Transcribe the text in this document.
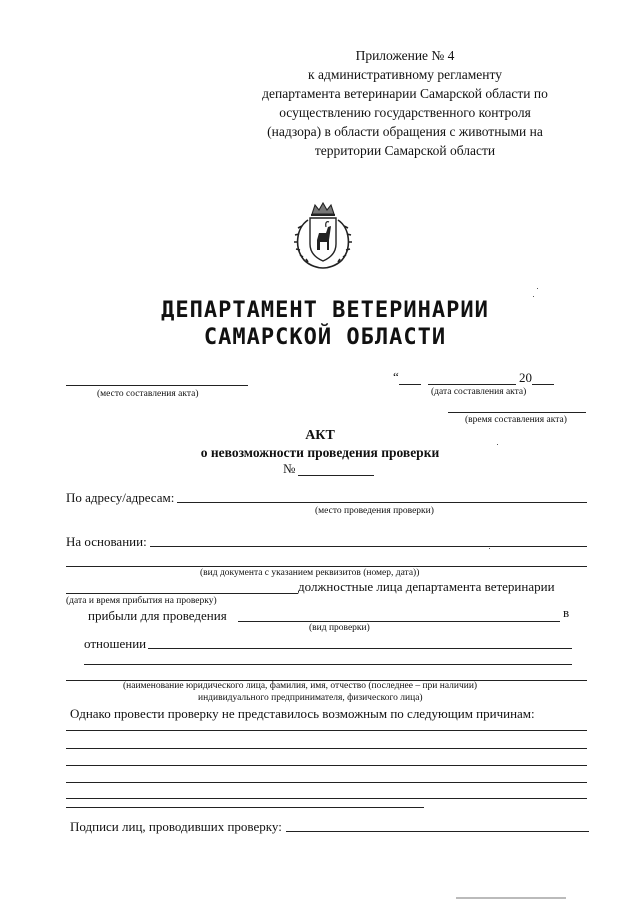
Приложение № 4
к административному регламенту
департамента ветеринарии Самарской области по
осуществлению государственного контроля
(надзора) в области обращения с животными на
территории Самарской области
ДЕПАРТАМЕНТ ВЕТЕРИНАРИИ
САМАРСКОЙ ОБЛАСТИ
(место составления акта)
“	20
(дата составления акта)
(время составления акта)
АКТ
о невозможности проведения проверки
№
По адресу/адресам:
(место проведения проверки)
На основании:
(вид документа с указанием реквизитов (номер, дата))
должностные лица департамента ветеринарии
(дата и время прибытия на проверку)
прибыли для проведения	в
(вид проверки)
отношении
(наименование юридического лица, фамилия, имя, отчество (последнее – при наличии)
индивидуального предпринимателя, физического лица)
Однако провести проверку не представилось возможным по следующим причинам:
Подписи лиц, проводивших проверку:
